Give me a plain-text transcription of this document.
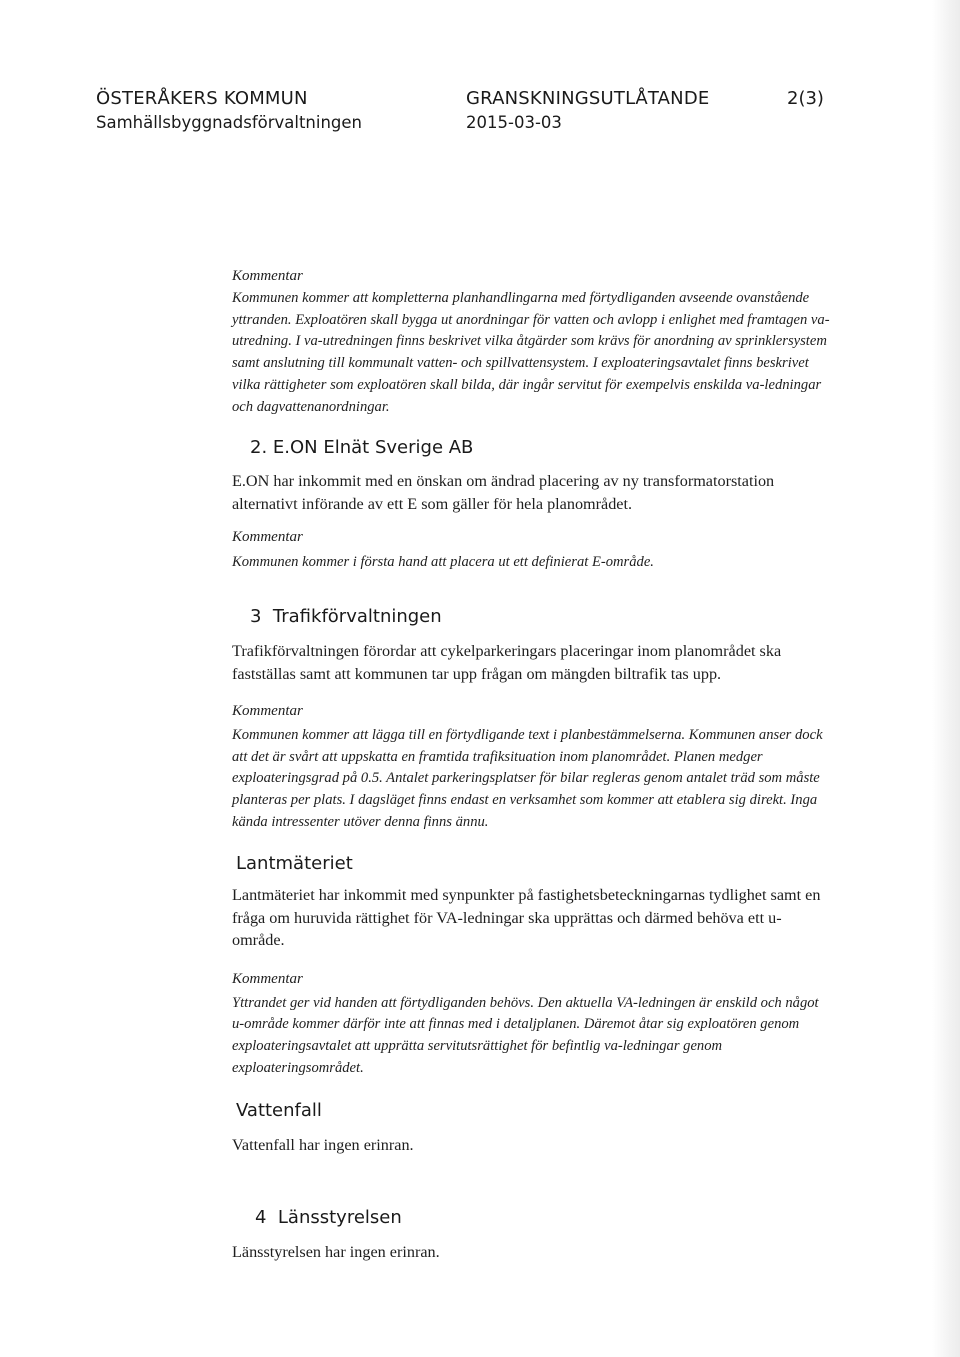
ÖSTERÅKERS KOMMUN
Samhällsbyggnadsförvaltningen
GRANSKNINGSUTLÅTANDE
2015-03-03
2(3)

Kommentar

Kommunen kommer att kompletterna planhandlingarna med förtydliganden avseende ovanstående yttranden. Exploatören skall bygga ut anordningar för vatten och avlopp i enlighet med framtagen va-utredning. I va-utredningen finns beskrivet vilka åtgärder som krävs för anordning av sprinklersystem samt anslutning till kommunalt vatten- och spillvattensystem. I exploateringsavtalet finns beskrivet vilka rättigheter som exploatören skall bilda, där ingår servitut för exempelvis enskilda va-ledningar och dagvattenanordningar.

2. E.ON Elnät Sverige AB

E.ON har inkommit med en önskan om ändrad placering av ny transformatorstation alternativt införande av ett E som gäller för hela planområdet.

Kommentar

Kommunen kommer i första hand att placera ut ett definierat E-område.

3 Trafikförvaltningen

Trafikförvaltningen förordar att cykelparkeringars placeringar inom planområdet ska fastställas samt att kommunen tar upp frågan om mängden biltrafik tas upp.

Kommentar

Kommunen kommer att lägga till en förtydligande text i planbestämmelserna. Kommunen anser dock att det är svårt att uppskatta en framtida trafiksituation inom planområdet. Planen medger exploateringsgrad på 0.5. Antalet parkeringsplatser för bilar regleras genom antalet träd som måste planteras per plats. I dagsläget finns endast en verksamhet som kommer att etablera sig direkt. Inga kända intressenter utöver denna finns ännu.

Lantmäteriet

Lantmäteriet har inkommit med synpunkter på fastighetsbeteckningarnas tydlighet samt en fråga om huruvida rättighet för VA-ledningar ska upprättas och därmed behöva ett u-område.

Kommentar

Yttrandet ger vid handen att förtydliganden behövs. Den aktuella VA-ledningen är enskild och något u-område kommer därför inte att finnas med i detaljplanen. Däremot åtar sig exploatören genom exploateringsavtalet att upprätta servitutsrättighet för befintlig va-ledningar genom exploateringsområdet.

Vattenfall

Vattenfall har ingen erinran.

4 Länsstyrelsen

Länsstyrelsen har ingen erinran.
